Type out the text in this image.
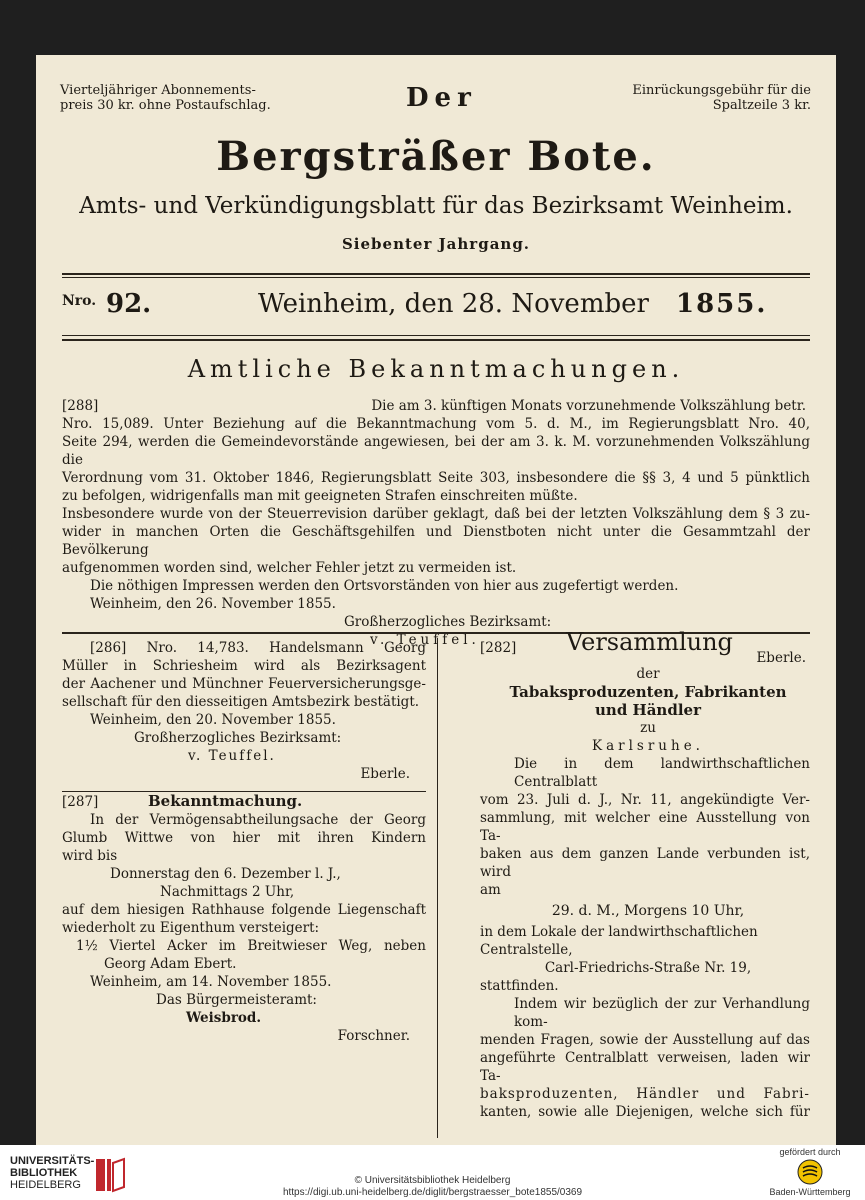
Vierteljähriger Abonnements-
preis 30 kr. ohne Postaufschlag.	Der	Einrückungsgebühr für die
Spaltzeile 3 kr.
Bergsträßer Bote.
Amts- und Verkündigungsblatt für das Bezirksamt Weinheim.
Siebenter Jahrgang.
Nro. 92.	Weinheim, den 28. November 1855.
Amtliche Bekanntmachungen.
[288]	Die am 3. künftigen Monats vorzunehmende Volkszählung betr.
Nro. 15,089. Unter Beziehung auf die Bekanntmachung vom 5. d. M., im Regierungsblatt Nro. 40,
Seite 294, werden die Gemeindevorstände angewiesen, bei der am 3. k. M. vorzunehmenden Volkszählung die
Verordnung vom 31. Oktober 1846, Regierungsblatt Seite 303, insbesondere die §§ 3, 4 und 5 pünktlich
zu befolgen, widrigenfalls man mit geeigneten Strafen einschreiten müßte.
Insbesondere wurde von der Steuerrevision darüber geklagt, daß bei der letzten Volkszählung dem § 3 zu-
wider in manchen Orten die Geschäftsgehilfen und Dienstboten nicht unter die Gesammtzahl der Bevölkerung
aufgenommen worden sind, welcher Fehler jetzt zu vermeiden ist.
Die nöthigen Impressen werden den Ortsvorständen von hier aus zugefertigt werden.
Weinheim, den 26. November 1855.
Großherzogliches Bezirksamt:
v. Teuffel.
Eberle.
[286] Nro. 14,783. Handelsmann Georg
Müller in Schriesheim wird als Bezirksagent
der Aachener und Münchner Feuerversicherungsge-
sellschaft für den diesseitigen Amtsbezirk bestätigt.
Weinheim, den 20. November 1855.
Großherzogliches Bezirksamt:
v. Teuffel.
Eberle.
[287]	Bekanntmachung.
In der Vermögensabtheilungsache der Georg
Glumb Wittwe von hier mit ihren Kindern
wird bis
Donnerstag den 6. Dezember l. J.,
Nachmittags 2 Uhr,
auf dem hiesigen Rathhause folgende Liegenschaft
wiederholt zu Eigenthum versteigert:
1½ Viertel Acker im Breitwieser Weg, neben
Georg Adam Ebert.
Weinheim, am 14. November 1855.
Das Bürgermeisteramt:
Weisbrod.
Forschner.
[282] Versammlung
der
Tabaksproduzenten, Fabrikanten
und Händler
zu
Karlsruhe.
Die in dem landwirthschaftlichen Centralblatt
vom 23. Juli d. J., Nr. 11, angekündigte Ver-
sammlung, mit welcher eine Ausstellung von Ta-
baken aus dem ganzen Lande verbunden ist, wird
am
29. d. M., Morgens 10 Uhr,
in dem Lokale der landwirthschaftlichen Centralstelle,
Carl-Friedrichs-Straße Nr. 19,
stattfinden.
Indem wir bezüglich der zur Verhandlung kom-
menden Fragen, sowie der Ausstellung auf das
angeführte Centralblatt verweisen, laden wir Ta-
baksproduzenten, Händler und Fabri-
kanten, sowie alle Diejenigen, welche sich für
UNIVERSITÄTS-
BIBLIOTHEK
HEIDELBERG	© Universitätsbibliothek Heidelberg
https://digi.ub.uni-heidelberg.de/diglit/bergstraesser_bote1855/0369
gefördert durch
Baden-Württemberg
